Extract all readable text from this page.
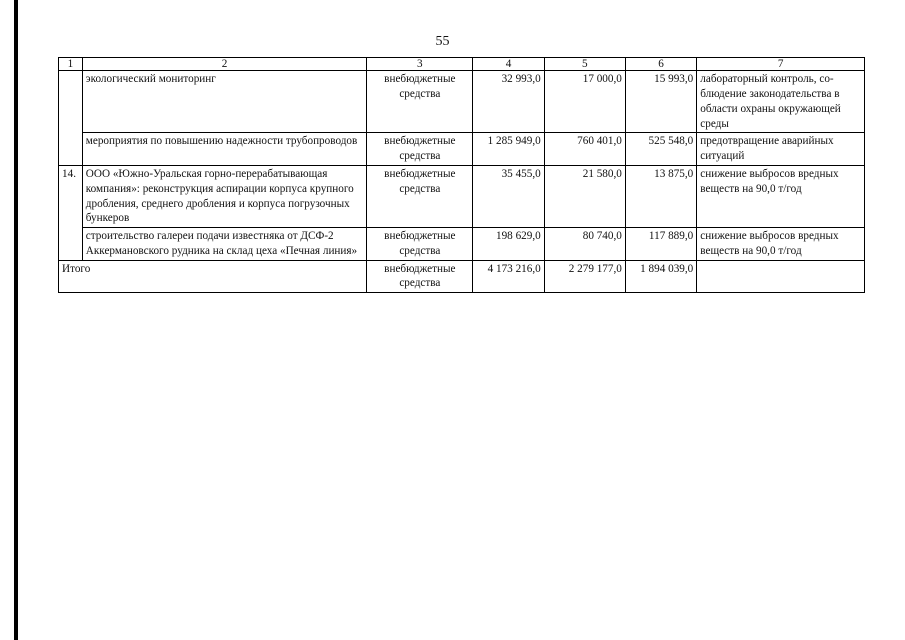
55
1	2	3	4	5	6	7
	экологический мониторинг	внебюджетные средства	32 993,0	17 000,0	15 993,0	лабораторный контроль, со-блюдение законодательства в области охраны окружающей среды
	мероприятия по повышению надежности трубопроводов	внебюджетные средства	1 285 949,0	760 401,0	525 548,0	предотвращение аварийных ситуаций
14.	ООО «Южно-Уральская горно-перерабатывающая компания»: реконструкция аспирации корпуса крупного дробления, среднего дробления и корпуса погрузочных бункеров	внебюджетные средства	35 455,0	21 580,0	13 875,0	снижение выбросов вредных веществ на 90,0 т/год
	строительство галереи подачи известняка от ДСФ-2 Аккермановского рудника на склад цеха «Печная линия»	внебюджетные средства	198 629,0	80 740,0	117 889,0	снижение выбросов вредных веществ на 90,0 т/год
Итого		внебюджетные средства	4 173 216,0	2 279 177,0	1 894 039,0	
